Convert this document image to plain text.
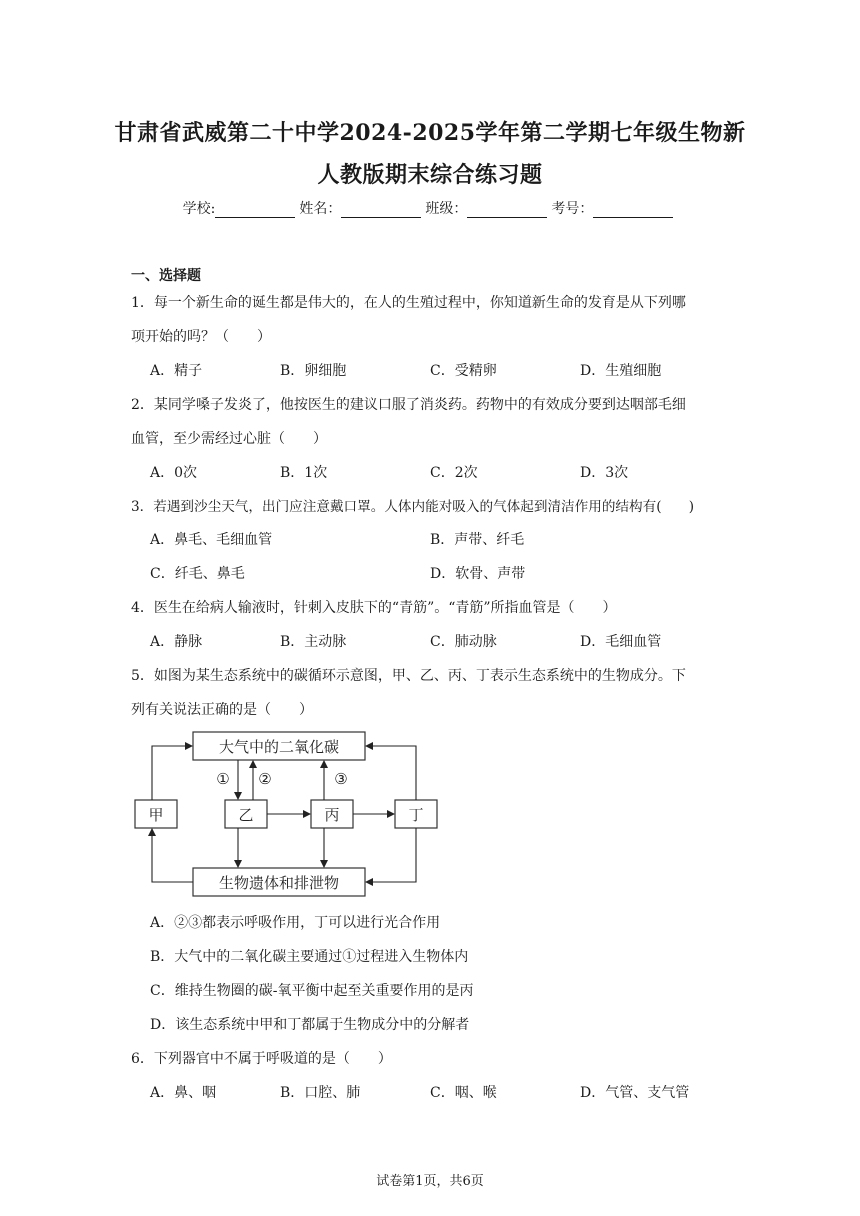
甘肃省武威第二十中学2024-2025学年第二学期七年级生物新
人教版期末综合练习题
学校:	姓名：	班级：	考号：
一、选择题
1．每一个新生命的诞生都是伟大的，在人的生殖过程中，你知道新生命的发育是从下列哪
项开始的吗？（　　）
A．精子	B．卵细胞	C．受精卵	D．生殖细胞
2．某同学嗓子发炎了，他按医生的建议口服了消炎药。药物中的有效成分要到达咽部毛细
血管，至少需经过心脏（　　）
A．0次	B．1次	C．2次	D．3次
3．若遇到沙尘天气，出门应注意戴口罩。人体内能对吸入的气体起到清洁作用的结构有(　　)
A．鼻毛、毛细血管	B．声带、纤毛
C．纤毛、鼻毛	D．软骨、声带
4．医生在给病人输液时，针刺入皮肤下的“青筋”。“青筋”所指血管是（　　）
A．静脉	B．主动脉	C．肺动脉	D．毛细血管
5．如图为某生态系统中的碳循环示意图，甲、乙、丙、丁表示生态系统中的生物成分。下
列有关说法正确的是（　　）
大气中的二氧化碳
生物遗体和排泄物
甲	乙	丙	丁
① ②	③
A．②③都表示呼吸作用，丁可以进行光合作用
B．大气中的二氧化碳主要通过①过程进入生物体内
C．维持生物圈的碳-氧平衡中起至关重要作用的是丙
D．该生态系统中甲和丁都属于生物成分中的分解者
6．下列器官中不属于呼吸道的是（　　）
A．鼻、咽	B．口腔、肺	C．咽、喉	D．气管、支气管
试卷第1页，共6页
